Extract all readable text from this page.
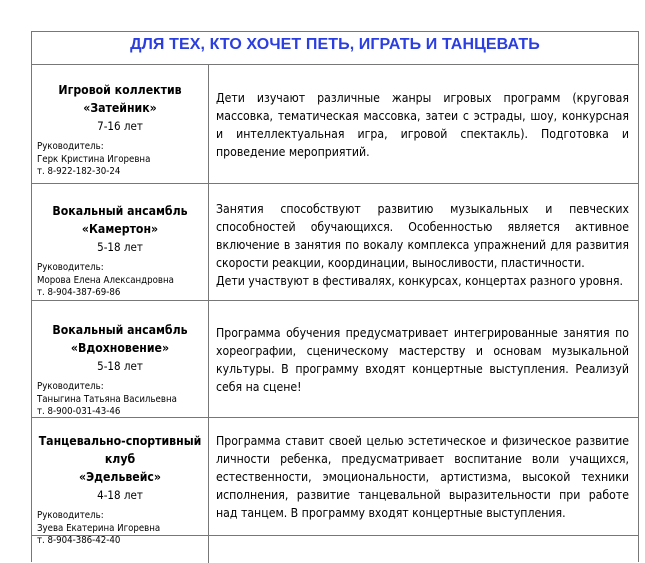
ДЛЯ ТЕХ, КТО ХОЧЕТ ПЕТЬ, ИГРАТЬ И ТАНЦЕВАТЬ
Игровой коллектив
«Затейник»
7-16 лет
Руководитель:
Герк Кристина Игоревна
т. 8-922-182-30-24

Дети изучают различные жанры игровых программ (круговая массовка, тематическая массовка, затеи с эстрады, шоу, конкурсная и интеллектуальная игра, игровой спектакль). Подготовка и проведение мероприятий.

Вокальный ансамбль
«Камертон»
5-18 лет
Руководитель:
Морова Елена Александровна
т. 8-904-387-69-86

Занятия способствуют развитию музыкальных и певческих способностей обучающихся. Особенностью является активное включение в занятия по вокалу комплекса упражнений для развития скорости реакции, координации, выносливости, пластичности.

Дети участвуют в фестивалях, конкурсах, концертах разного уровня.

Вокальный ансамбль
«Вдохновение»
5-18 лет
Руководитель:
Таныгина Татьяна Васильевна
т. 8-900-031-43-46

Программа обучения предусматривает интегрированные занятия по хореографии, сценическому мастерству и основам музыкальной культуры. В программу входят концертные выступления. Реализуй себя на сцене!

Танцевально-спортивный клуб
«Эдельвейс»
4-18 лет
Руководитель:
Зуева Екатерина Игоревна
т. 8-904-386-42-40

Программа ставит своей целью эстетическое и физическое развитие личности ребенка, предусматривает воспитание воли учащихся, естественности, эмоциональности, артистизма, высокой техники исполнения, развитие танцевальной выразительности при работе над танцем. В программу входят концертные выступления.
